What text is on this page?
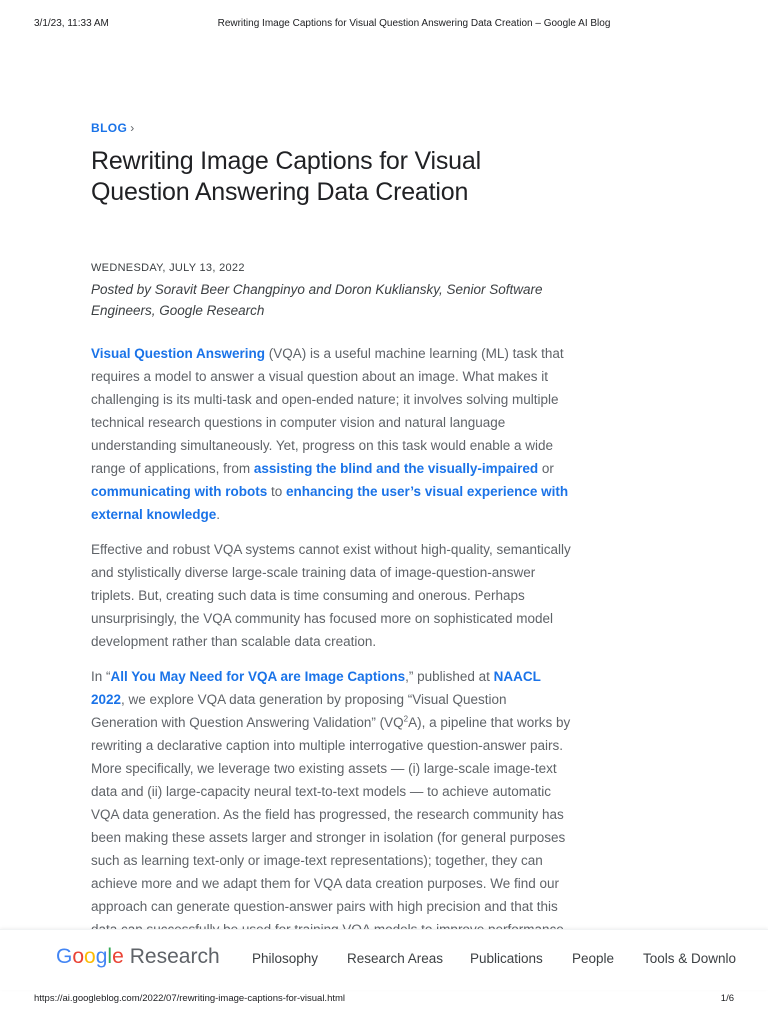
3/1/23, 11:33 AM	Rewriting Image Captions for Visual Question Answering Data Creation – Google AI Blog
BLOG ›
Rewriting Image Captions for Visual Question Answering Data Creation
WEDNESDAY, JULY 13, 2022
Posted by Soravit Beer Changpinyo and Doron Kukliansky, Senior Software Engineers, Google Research

Visual Question Answering (VQA) is a useful machine learning (ML) task that requires a model to answer a visual question about an image. What makes it challenging is its multi-task and open-ended nature; it involves solving multiple technical research questions in computer vision and natural language understanding simultaneously. Yet, progress on this task would enable a wide range of applications, from assisting the blind and the visually-impaired or communicating with robots to enhancing the user’s visual experience with external knowledge.

Effective and robust VQA systems cannot exist without high-quality, semantically and stylistically diverse large-scale training data of image-question-answer triplets. But, creating such data is time consuming and onerous. Perhaps unsurprisingly, the VQA community has focused more on sophisticated model development rather than scalable data creation.

In “All You May Need for VQA are Image Captions,” published at NAACL 2022, we explore VQA data generation by proposing “Visual Question Generation with Question Answering Validation” $(VQ^2A)$, a pipeline that works by rewriting a declarative caption into multiple interrogative question-answer pairs. More specifically, we leverage two existing assets — (i) large-scale image-text data and (ii) large-capacity neural text-to-text models — to achieve automatic VQA data generation. As the field has progressed, the research community has been making these assets larger and stronger in isolation (for general purposes such as learning text-only or image-text representations); together, they can achieve more and we adapt them for VQA data creation purposes. We find our approach can generate question-answer pairs with high precision and that this

Google Research Philosophy Research Areas Publications People Tools & Downlo
https://ai.googleblog.com/2022/07/rewriting-image-captions-for-visual.html	1/6
